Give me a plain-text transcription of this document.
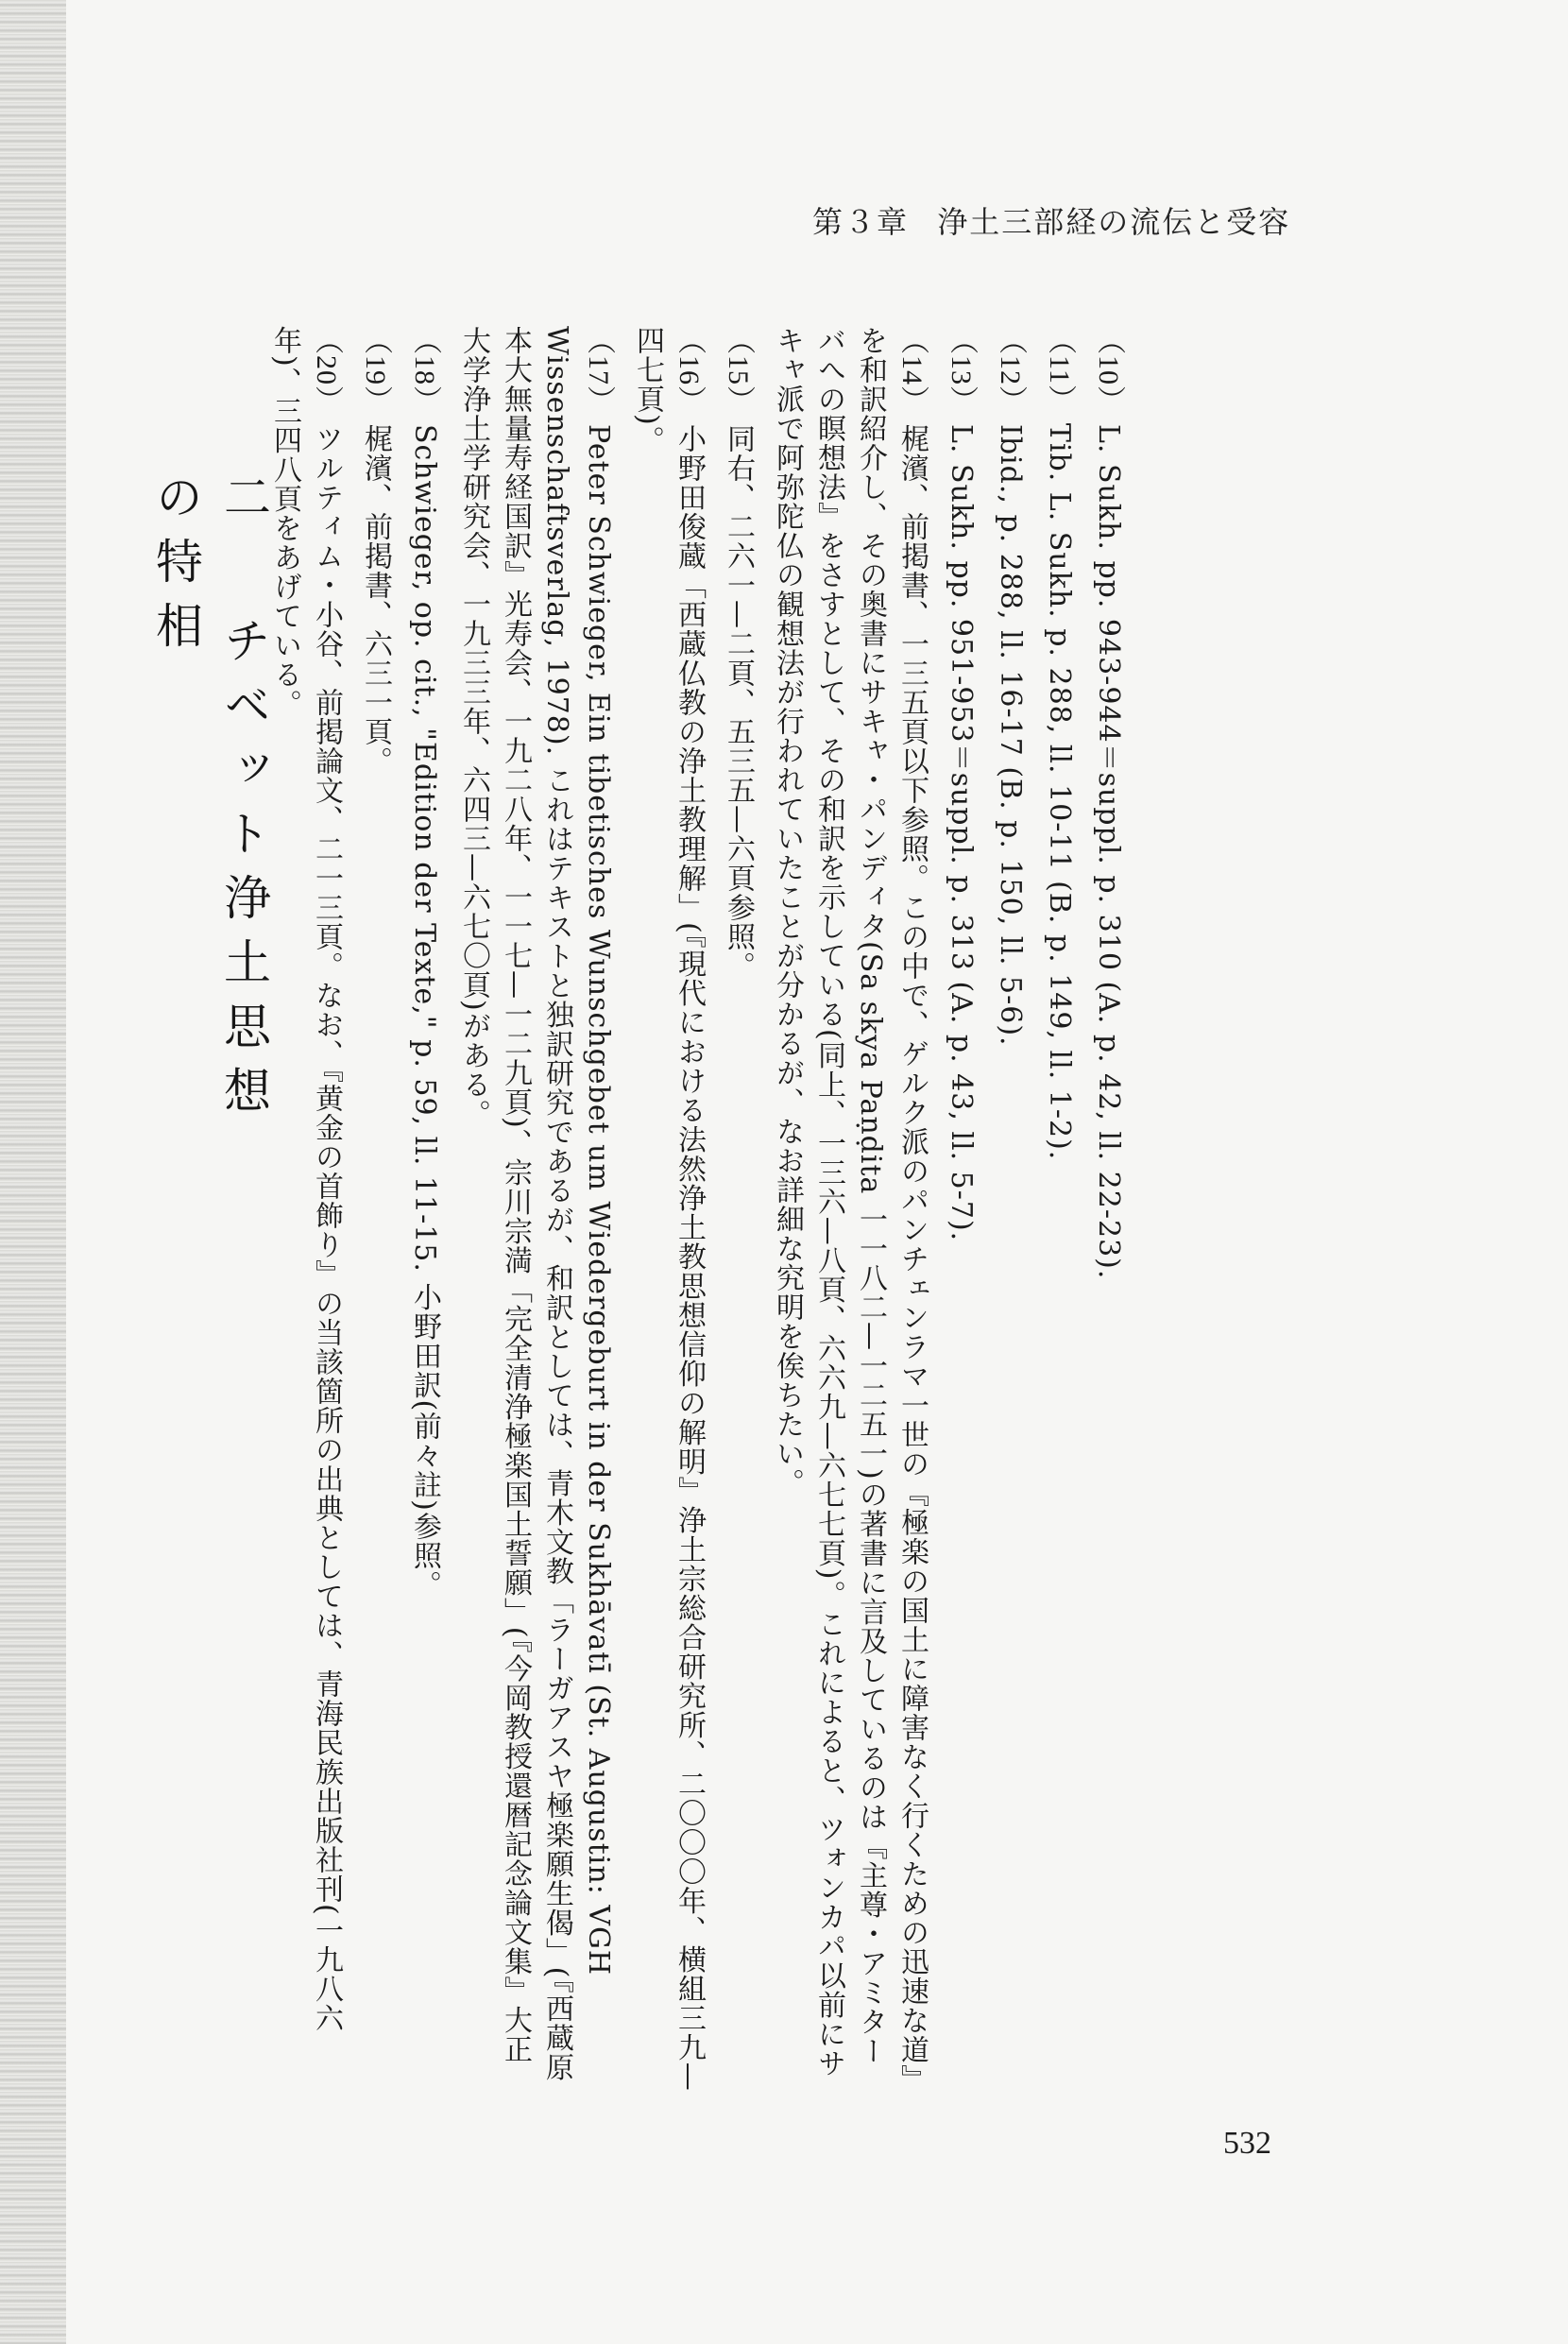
第３章 浄土三部経の流伝と受容
（10）L. Sukh. pp. 943-944＝suppl. p. 310 (A. p. 42, ll. 22-23).
（11）Tib. L. Sukh. p. 288, ll. 10-11 (B. p. 149, ll. 1-2).
（12）Ibid., p. 288, ll. 16-17 (B. p. 150, ll. 5-6).
（13）L. Sukh. pp. 951-953＝suppl. p. 313 (A. p. 43, ll. 5-7).
（14）梶濱、前掲書、一三五頁以下参照。この中で、ゲルク派のパンチェンラマ一世の『極楽の国土に障害なく行くための迅速な道』を和訳紹介し、その奥書にサキャ・パンディタ(Sa skya Paṇḍita 一一八二—一二五一)の著書に言及しているのは『主尊・アミターバへの瞑想法』をさすとして、その和訳を示している(同上、一三六—八頁、六六九—六七七頁)。これによると、ツォンカパ以前にサキャ派で阿弥陀仏の観想法が行われていたことが分かるが、なお詳細な究明を俟ちたい。
（15）同右、二六一—二頁、五三五—六頁参照。
（16）小野田俊蔵「西蔵仏教の浄土教理解」(『現代における法然浄土教思想信仰の解明』浄土宗総合研究所、二〇〇〇年、横組三九—四七頁)。
（17）Peter Schwieger, Ein tibetisches Wunschgebet um Wiedergeburt in der Sukhāvatī (St. Augustin: VGH Wissenschaftsverlag, 1978). これはテキストと独訳研究であるが、和訳としては、青木文教「ラーガアスヤ極楽願生偈」(『西蔵原本大無量寿経国訳』光寿会、一九二八年、一一七—一二九頁)、宗川宗満「完全清浄極楽国土誓願」(『今岡教授還暦記念論文集』大正大学浄土学研究会、一九三三年、六四三—六七〇頁)がある。
（18）Schwieger, op. cit., "Edition der Texte," p. 59, ll. 11-15. 小野田訳(前々註)参照。
（19）梶濱、前掲書、六三一頁。
（20）ツルティム・小谷、前掲論文、二一三頁。なお、『黄金の首飾り』の当該箇所の出典としては、青海民族出版社刊(一九八六年)、三四八頁をあげている。
二 チベット浄土思想の特相
532
